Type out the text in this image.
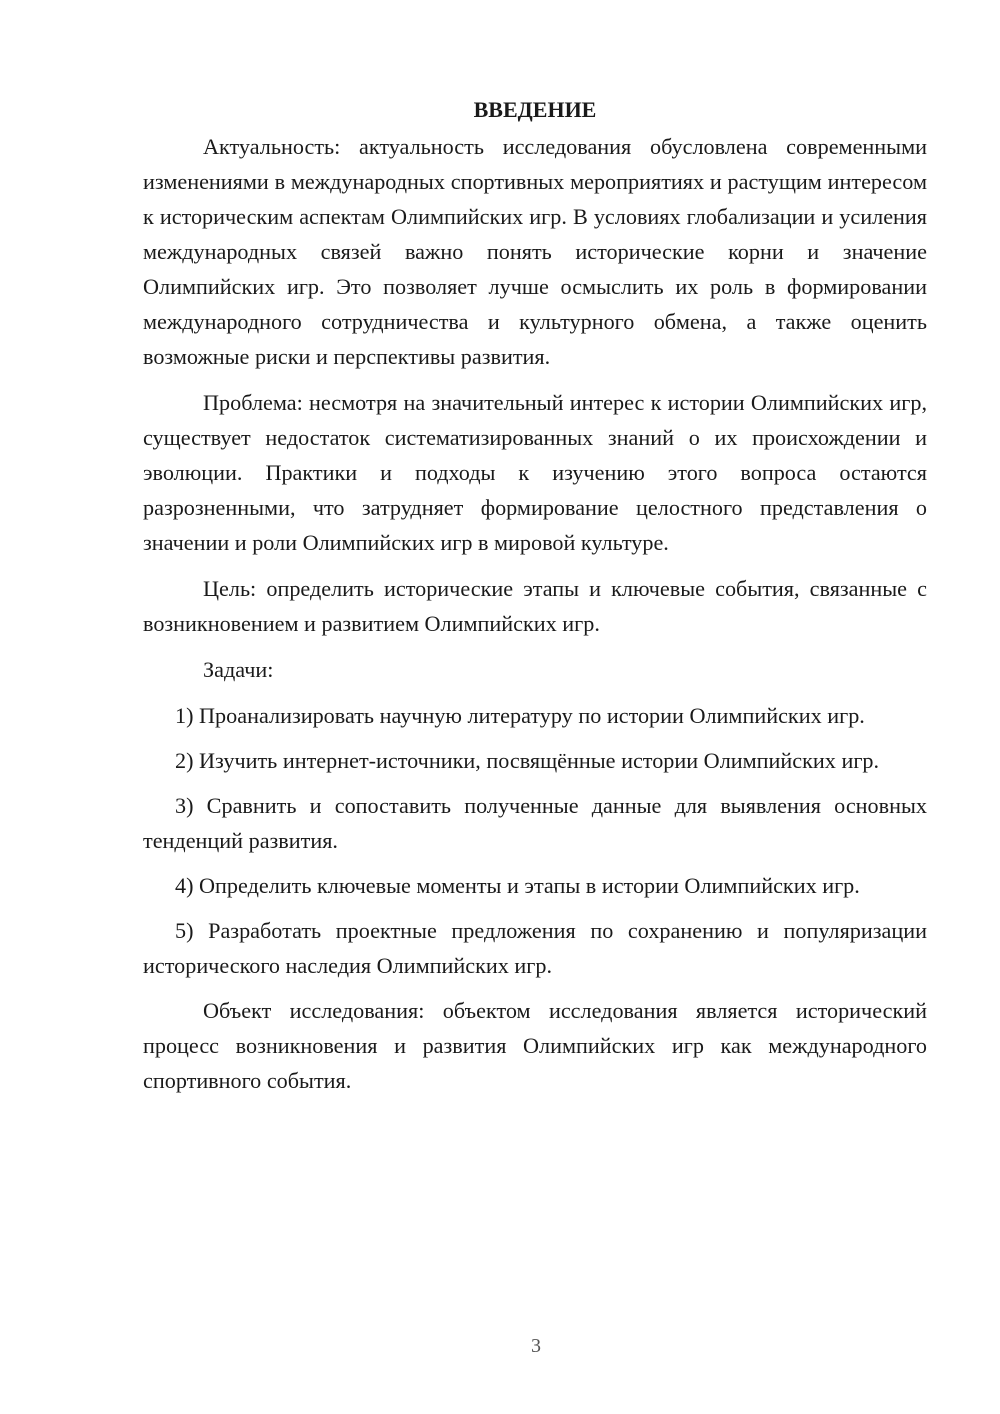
ВВЕДЕНИЕ

Актуальность: актуальность исследования обусловлена современными изменениями в международных спортивных мероприятиях и растущим интересом к историческим аспектам Олимпийских игр. В условиях глобализации и усиления международных связей важно понять исторические корни и значение Олимпийских игр. Это позволяет лучше осмыслить их роль в формировании международного сотрудничества и культурного обмена, а также оценить возможные риски и перспективы развития.

Проблема: несмотря на значительный интерес к истории Олимпийских игр, существует недостаток систематизированных знаний о их происхождении и эволюции. Практики и подходы к изучению этого вопроса остаются разрозненными, что затрудняет формирование целостного представления о значении и роли Олимпийских игр в мировой культуре.

Цель: определить исторические этапы и ключевые события, связанные с возникновением и развитием Олимпийских игр.

Задачи:

1) Проанализировать научную литературу по истории Олимпийских игр.

2) Изучить интернет-источники, посвящённые истории Олимпийских игр.

3) Сравнить и сопоставить полученные данные для выявления основных тенденций развития.

4) Определить ключевые моменты и этапы в истории Олимпийских игр.

5) Разработать проектные предложения по сохранению и популяризации исторического наследия Олимпийских игр.

Объект исследования: объектом исследования является исторический процесс возникновения и развития Олимпийских игр как международного спортивного события.

3
